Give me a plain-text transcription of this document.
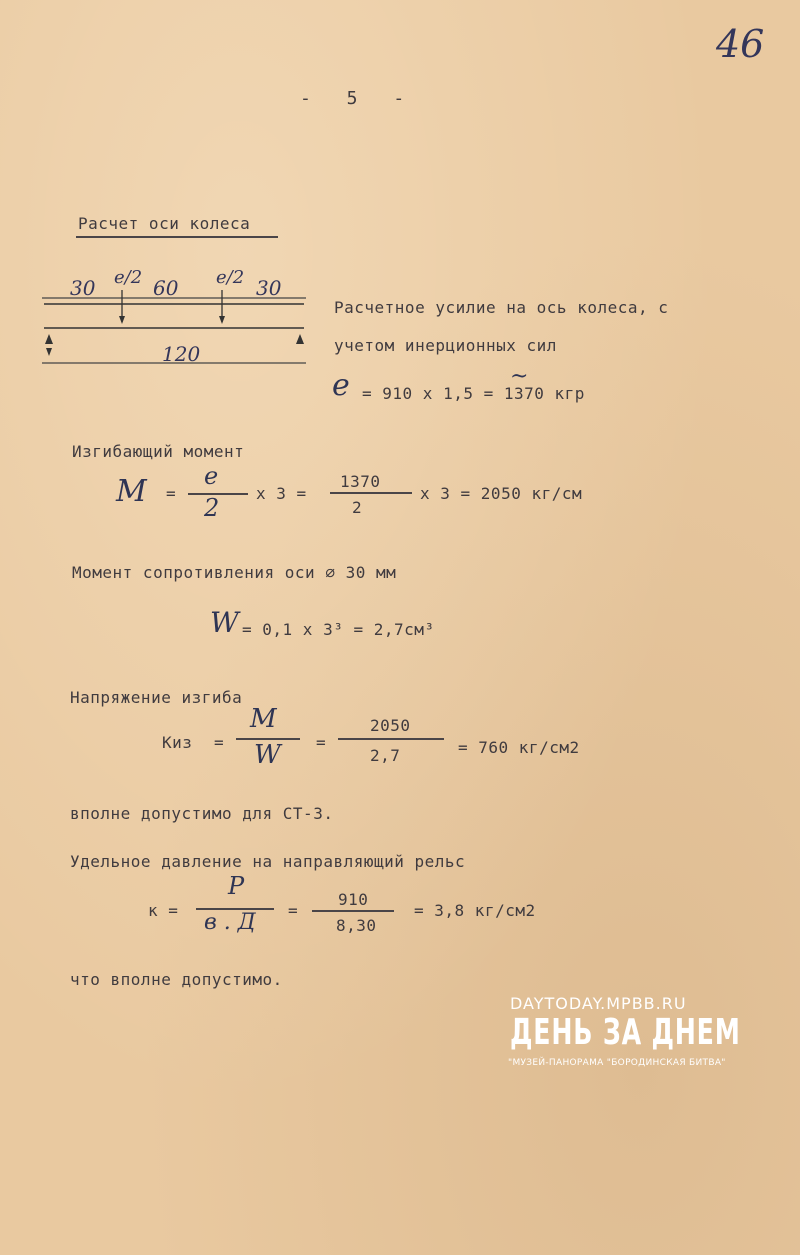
46
- 5 -
Расчет оси колеса
30 e/2 60 e/2 30
120
Расчетное усилие на ось колеса, с
учетом инерционных сил
e = 910 х 1,5 = 1370 кгр
~
Изгибающий момент
M =
e
2
х 3 =
1370
2
х 3 = 2050 кг/см
Момент сопротивления оси ∅ 30 мм
W = 0,1 х 3³ = 2,7см³
Напряжение изгиба
Киз =
M
W =
2050
2,7	= 760 кг/см2
вполне допустимо для СТ-3.
Удельное давление на направляющий рельс
к =
P
в . Д =
910
8,30
= 3,8 кг/см2
что вполне допустимо.
DAYTODAY.MPBB.RU
ДЕНЬ ЗА ДНЕМ
"МУЗЕЙ-ПАНОРАМА "БОРОДИНСКАЯ БИТВА"
